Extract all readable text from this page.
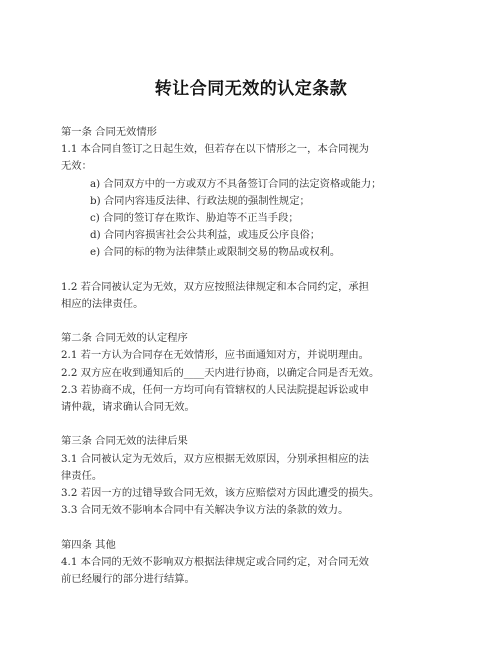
转让合同无效的认定条款
第一条 合同无效情形
1.1 本合同自签订之日起生效，但若存在以下情形之一，本合同视为
无效：
a) 合同双方中的一方或双方不具备签订合同的法定资格或能力；
b) 合同内容违反法律、行政法规的强制性规定；
c) 合同的签订存在欺诈、胁迫等不正当手段；
d) 合同内容损害社会公共利益，或违反公序良俗；
e) 合同的标的物为法律禁止或限制交易的物品或权利。
1.2 若合同被认定为无效，双方应按照法律规定和本合同约定，承担
相应的法律责任。
第二条 合同无效的认定程序
2.1 若一方认为合同存在无效情形，应书面通知对方，并说明理由。
2.2 双方应在收到通知后的____天内进行协商，以确定合同是否无效。
2.3 若协商不成，任何一方均可向有管辖权的人民法院提起诉讼或申
请仲裁，请求确认合同无效。
第三条 合同无效的法律后果
3.1 合同被认定为无效后，双方应根据无效原因，分别承担相应的法
律责任。
3.2 若因一方的过错导致合同无效，该方应赔偿对方因此遭受的损失。
3.3 合同无效不影响本合同中有关解决争议方法的条款的效力。
第四条 其他
4.1 本合同的无效不影响双方根据法律规定或合同约定，对合同无效
前已经履行的部分进行结算。
